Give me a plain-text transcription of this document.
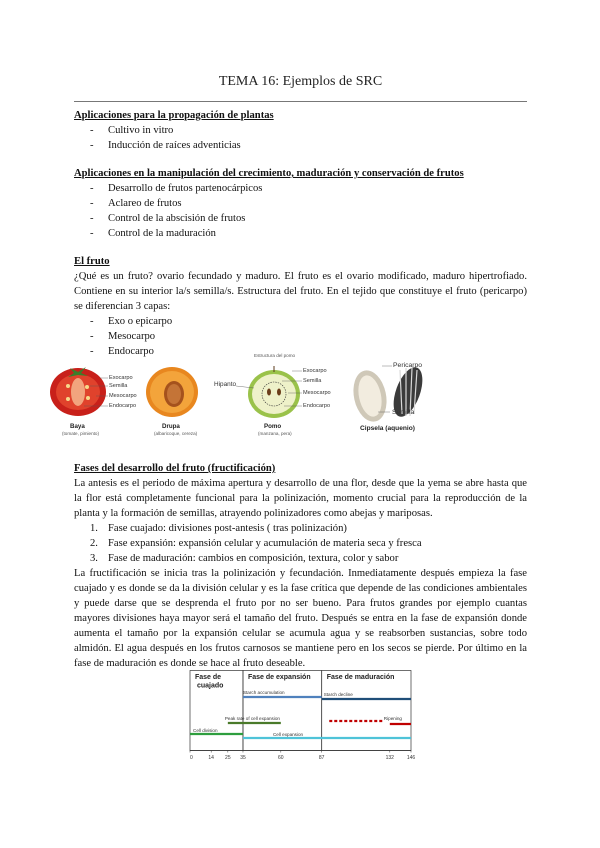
TEMA 16: Ejemplos de SRC
Aplicaciones para la propagación de plantas
- Cultivo in vitro
- Inducción de raíces adventicias
Aplicaciones en la manipulación del crecimiento, maduración y conservación de frutos
- Desarrollo de frutos partenocárpicos
- Aclareo de frutos
- Control de la abscisión de frutos
- Control de la maduración
El fruto

¿Qué es un fruto? ovario fecundado y maduro. El fruto es el ovario modificado, maduro hipertrofiado. Contiene en su interior la/s semilla/s. Estructura del fruto. En el tejido que constituye el fruto (pericarpo) se diferencian 3 capas:

- Exo o epicarpo
- Mesocarpo
- Endocarpo
Fases del desarrollo del fruto (fructificación)

La antesis es el periodo de máxima apertura y desarrollo de una flor, desde que la yema se abre hasta que la flor está completamente funcional para la polinización, momento crucial para la reproducción de la planta y la formación de semillas, atrayendo polinizadores como abejas y mariposas.

1. Fase cuajado: divisiones post-antesis ( tras polinización)
2. Fase expansión: expansión celular y acumulación de materia seca y fresca
3. Fase de maduración: cambios en composición, textura, color y sabor

La fructificación se inicia tras la polinización y fecundación. Inmediatamente después empieza la fase cuajado y es donde se da la división celular y es la fase crítica que depende de las condiciones ambientales y puede darse que se desprenda el fruto por no ser bueno. Para frutos grandes por ejemplo cuantas mayores divisiones haya mayor será el tamaño del fruto. Después se entra en la fase de expansión donde aumenta el tamaño por la expansión celular se acumula agua y se reabsorben sustancias, sobre todo almidón. El agua después en los frutos carnosos se mantiene pero en los secos se pierde. Por último en la fase de maduración es donde se hace al fruto deseable.

Exocarpo
Semilla
Mesocarpo
Endocarpo
Baya
(tomate, pimiento)
Drupa
(albaricoque, cereza)
Estructura del pomo
Hipanto
Exocarpo
Semilla
Mesocarpo
Endocarpo
Pomo
(manzana, pera)
Pericarpo
Semilla
Cipsela (aquenio)
Fase de cuajado
Fase de expansión Fase de maduración
Starch accumulation	Starch decline
Peak rate of cell expansion	Ripening
Cell division
Cell expansion
0	14 25 35	60	87	132	146
